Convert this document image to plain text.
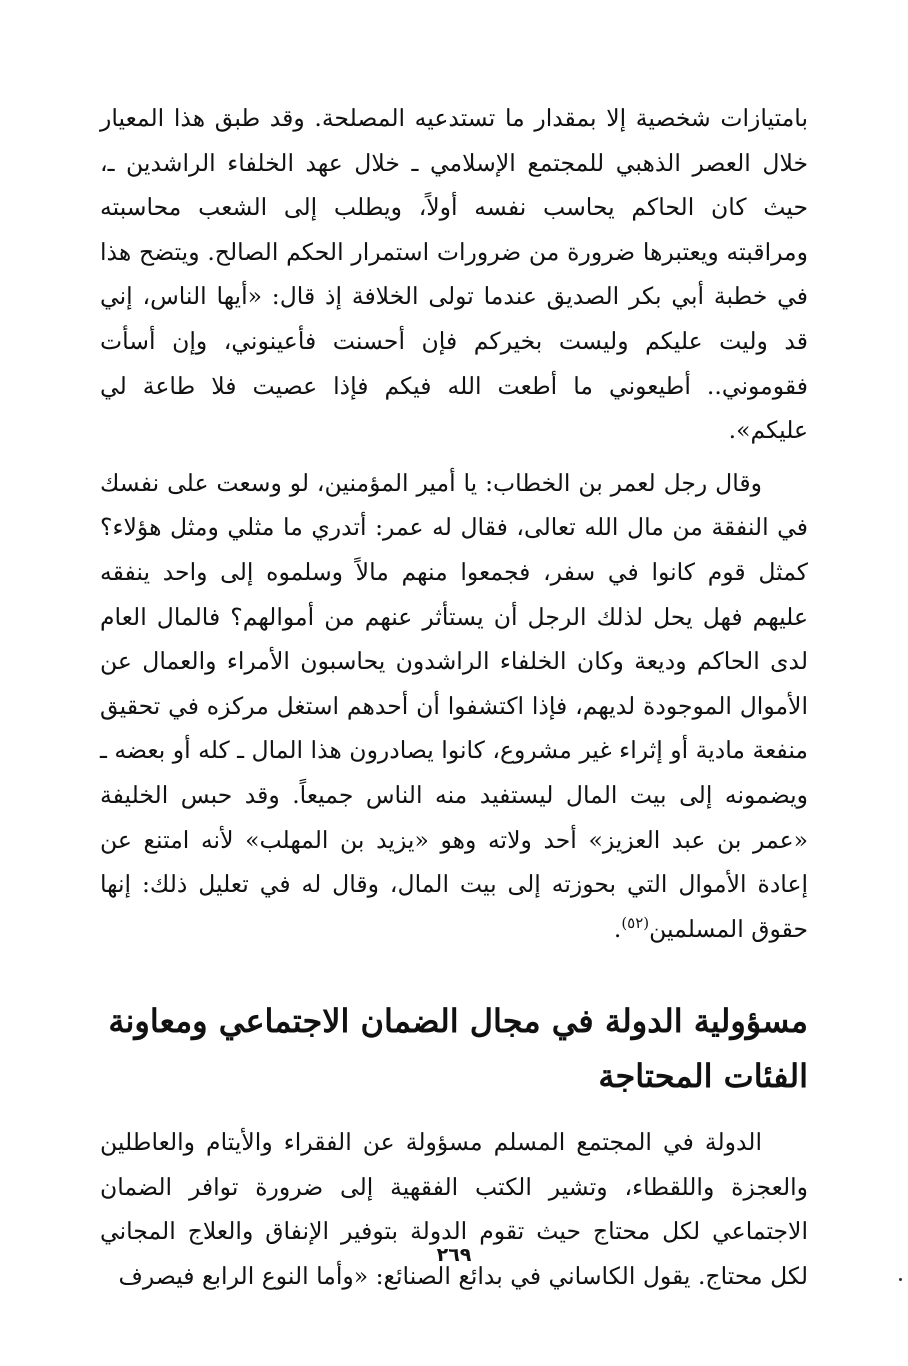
بامتيازات شخصية إلا بمقدار ما تستدعيه المصلحة. وقد طبق هذا المعيار خلال العصر الذهبي للمجتمع الإسلامي ـ خلال عهد الخلفاء الراشدين ـ، حيث كان الحاكم يحاسب نفسه أولاً، ويطلب إلى الشعب محاسبته ومراقبته ويعتبرها ضرورة من ضرورات استمرار الحكم الصالح. ويتضح هذا في خطبة أبي بكر الصديق عندما تولى الخلافة إذ قال: «أيها الناس، إني قد وليت عليكم وليست بخيركم فإن أحسنت فأعينوني، وإن أسأت فقوموني.. أطيعوني ما أطعت الله فيكم فإذا عصيت فلا طاعة لي عليكم».

وقال رجل لعمر بن الخطاب: يا أمير المؤمنين، لو وسعت على نفسك في النفقة من مال الله تعالى، فقال له عمر: أتدري ما مثلي ومثل هؤلاء؟ كمثل قوم كانوا في سفر، فجمعوا منهم مالاً وسلموه إلى واحد ينفقه عليهم فهل يحل لذلك الرجل أن يستأثر عنهم من أموالهم؟ فالمال العام لدى الحاكم وديعة وكان الخلفاء الراشدون يحاسبون الأمراء والعمال عن الأموال الموجودة لديهم، فإذا اكتشفوا أن أحدهم استغل مركزه في تحقيق منفعة مادية أو إثراء غير مشروع، كانوا يصادرون هذا المال ـ كله أو بعضه ـ ويضمونه إلى بيت المال ليستفيد منه الناس جميعاً. وقد حبس الخليفة «عمر بن عبد العزيز» أحد ولاته وهو «يزيد بن المهلب» لأنه امتنع عن إعادة الأموال التي بحوزته إلى بيت المال، وقال له في تعليل ذلك: إنها حقوق المسلمين$^{(٥٢)}$.

مسؤولية الدولة في مجال الضمان الاجتماعي ومعاونة الفئات المحتاجة

الدولة في المجتمع المسلم مسؤولة عن الفقراء والأيتام والعاطلين والعجزة واللقطاء، وتشير الكتب الفقهية إلى ضرورة توافر الضمان الاجتماعي لكل محتاج حيث تقوم الدولة بتوفير الإنفاق والعلاج المجاني لكل محتاج. يقول الكاساني في بدائع الصنائع: «وأما النوع الرابع فيصرف

٢٦٩
